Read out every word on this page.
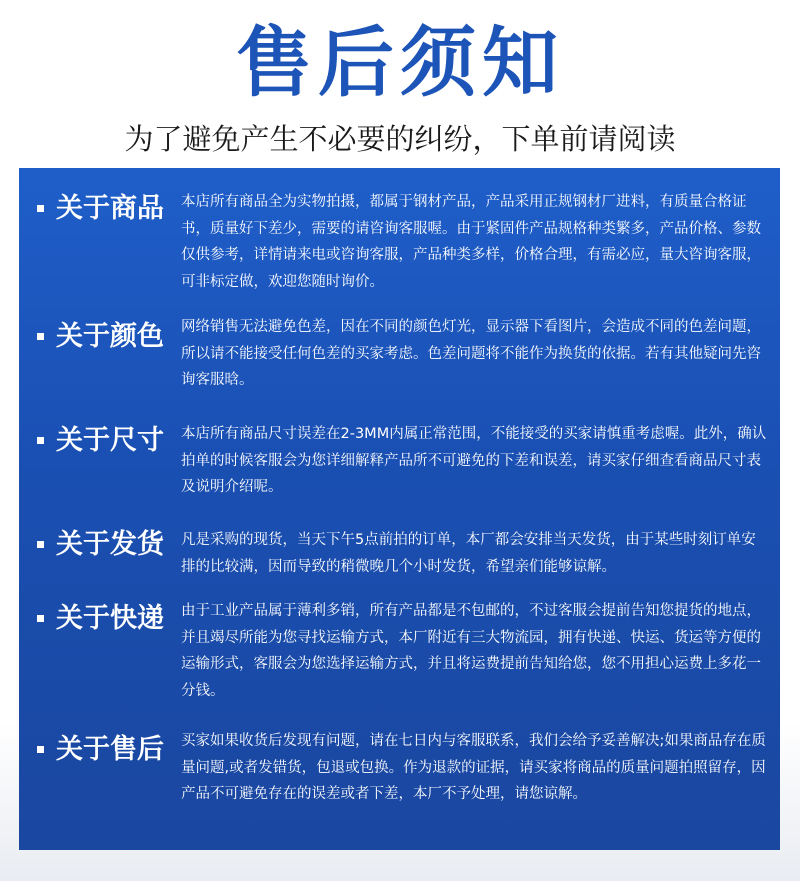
售后须知
为了避免产生不必要的纠纷，下单前请阅读
关于商品	本店所有商品全为实物拍摄，都属于钢材产品，产品采用正规钢材厂进料，有质量合格证书，质量好下差少，需要的请咨询客服喔。由于紧固件产品规格种类繁多，产品价格、参数仅供参考，详情请来电或咨询客服，产品种类多样，价格合理，有需必应，量大咨询客服，可非标定做，欢迎您随时询价。
关于颜色	网络销售无法避免色差，因在不同的颜色灯光，显示器下看图片，会造成不同的色差问题，所以请不能接受任何色差的买家考虑。色差问题将不能作为换货的依据。若有其他疑问先咨询客服晗。
关于尺寸	本店所有商品尺寸误差在2-3MM内属正常范围，不能接受的买家请慎重考虑喔。此外，确认拍单的时候客服会为您详细解释产品所不可避免的下差和误差，请买家仔细查看商品尺寸表及说明介绍呢。
关于发货	凡是采购的现货，当天下午5点前拍的订单，本厂都会安排当天发货，由于某些时刻订单安排的比较满，因而导致的稍微晚几个小时发货，希望亲们能够谅解。
关于快递	由于工业产品属于薄利多销，所有产品都是不包邮的，不过客服会提前告知您提货的地点，并且竭尽所能为您寻找运输方式，本厂附近有三大物流园，拥有快递、快运、货运等方便的运输形式，客服会为您选择运输方式，并且将运费提前告知给您，您不用担心运费上多花一分钱。
关于售后	买家如果收货后发现有问题，请在七日内与客服联系，我们会给予妥善解决;如果商品存在质量问题,或者发错货，包退或包换。作为退款的证据，请买家将商品的质量问题拍照留存，因产品不可避免存在的误差或者下差，本厂不予处理，请您谅解。
